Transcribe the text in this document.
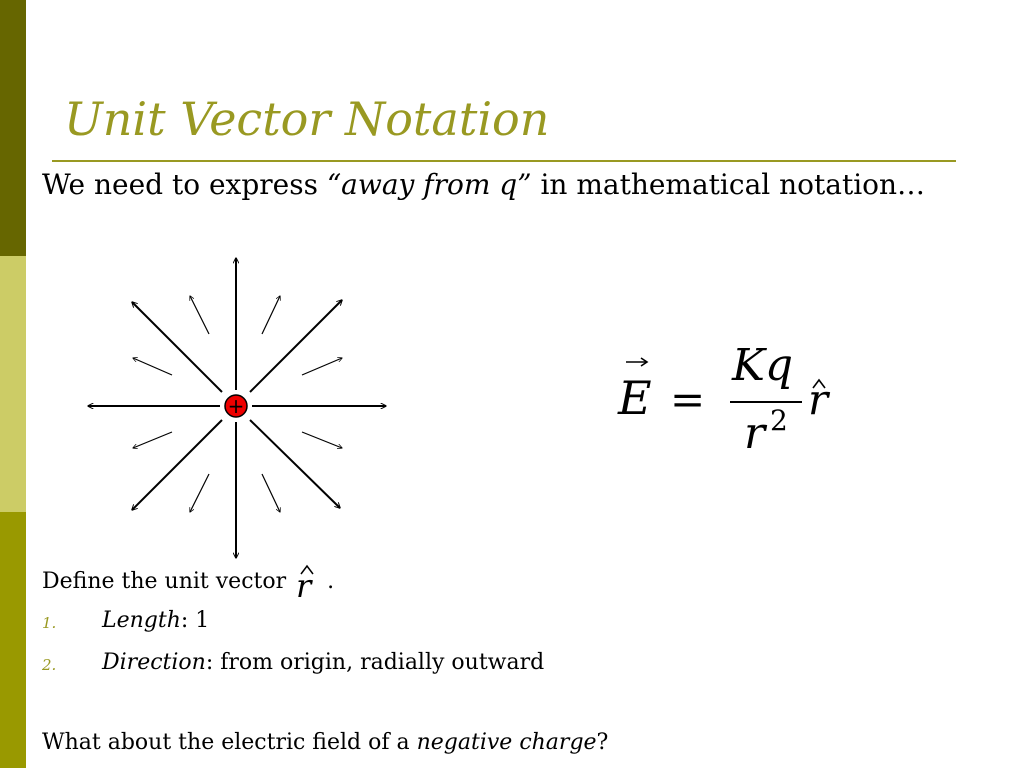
Unit Vector Notation
We need to express “away from q” in mathematical notation…
+	E =
Kq
r 2 r
Define the unit vector r .
1. Length: 1
2. Direction: from origin, radially outward
What about the electric field of a negative charge?
